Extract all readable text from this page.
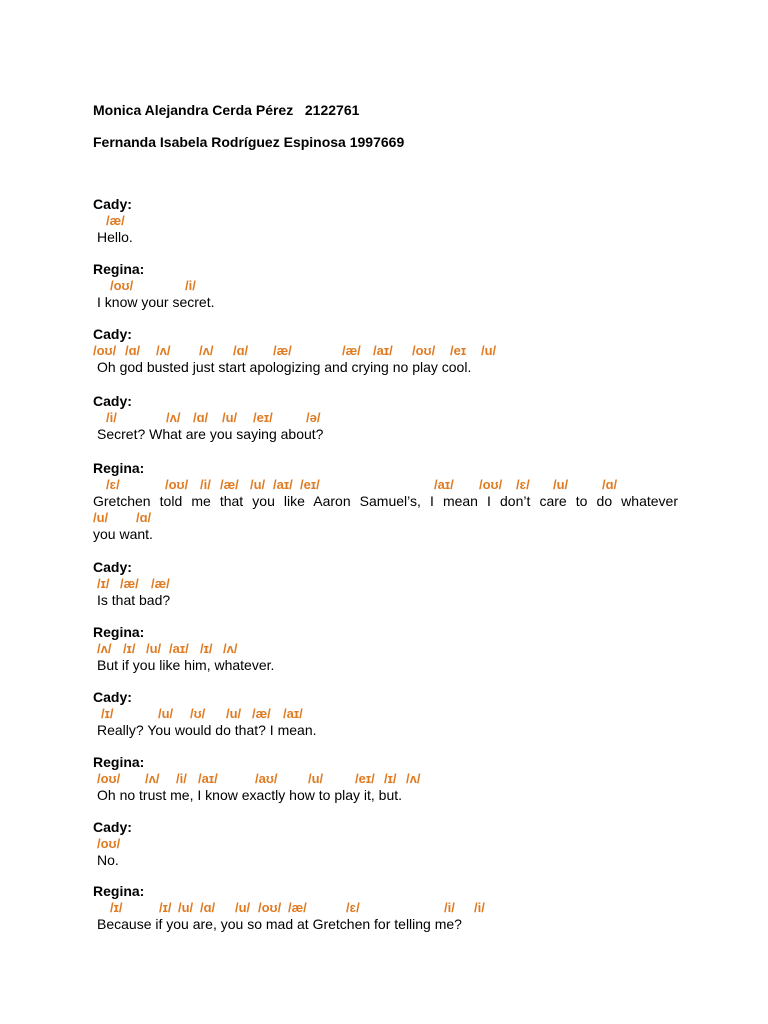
Monica Alejandra Cerda Pérez   2122761
Fernanda Isabela Rodríguez Espinosa 1997669
Cady:
/æ/
Hello.
Regina:
/oʊ/	/i/
I know your secret.
Cady:
/oʊ/ /ɑ/ /ʌ/ /ʌ/ /ɑ/ /æ/	/æ/ /aɪ/ /oʊ/ /eɪ /u/
Oh god busted just start apologizing and crying no play cool.
Cady:
/i/	/ʌ/ /ɑ/ /u/ /eɪ/	/ə/
Secret? What are you saying about?
Regina:
/ɛ/	/oʊ/ /i/ /æ/ /u/ /aɪ/ /eɪ/	/aɪ/ /oʊ/ /ɛ/ /u/	/ɑ/
Gretchen told me that you like Aaron Samuel’s, I mean I don’t care to do whatever
/u/ /ɑ/
you want.
Cady:
/ɪ/ /æ/ /æ/
Is that bad?
Regina:
/ʌ/ /ɪ/ /u/ /aɪ/ /ɪ/ /ʌ/
But if you like him, whatever.
Cady:
/ɪ/	/u/ /ʊ/ /u/ /æ/ /aɪ/
Really? You would do that? I mean.
Regina:
/oʊ/ /ʌ/ /i/ /aɪ/	/aʊ/ /u/ /eɪ/ /ɪ/ /ʌ/
Oh no trust me, I know exactly how to play it, but.
Cady:
/oʊ/
No.
Regina:
/ɪ/	/ɪ/ /u/ /ɑ/ /u/ /oʊ/ /æ/	/ɛ/	/i/ /i/
Because if you are, you so mad at Gretchen for telling me?
